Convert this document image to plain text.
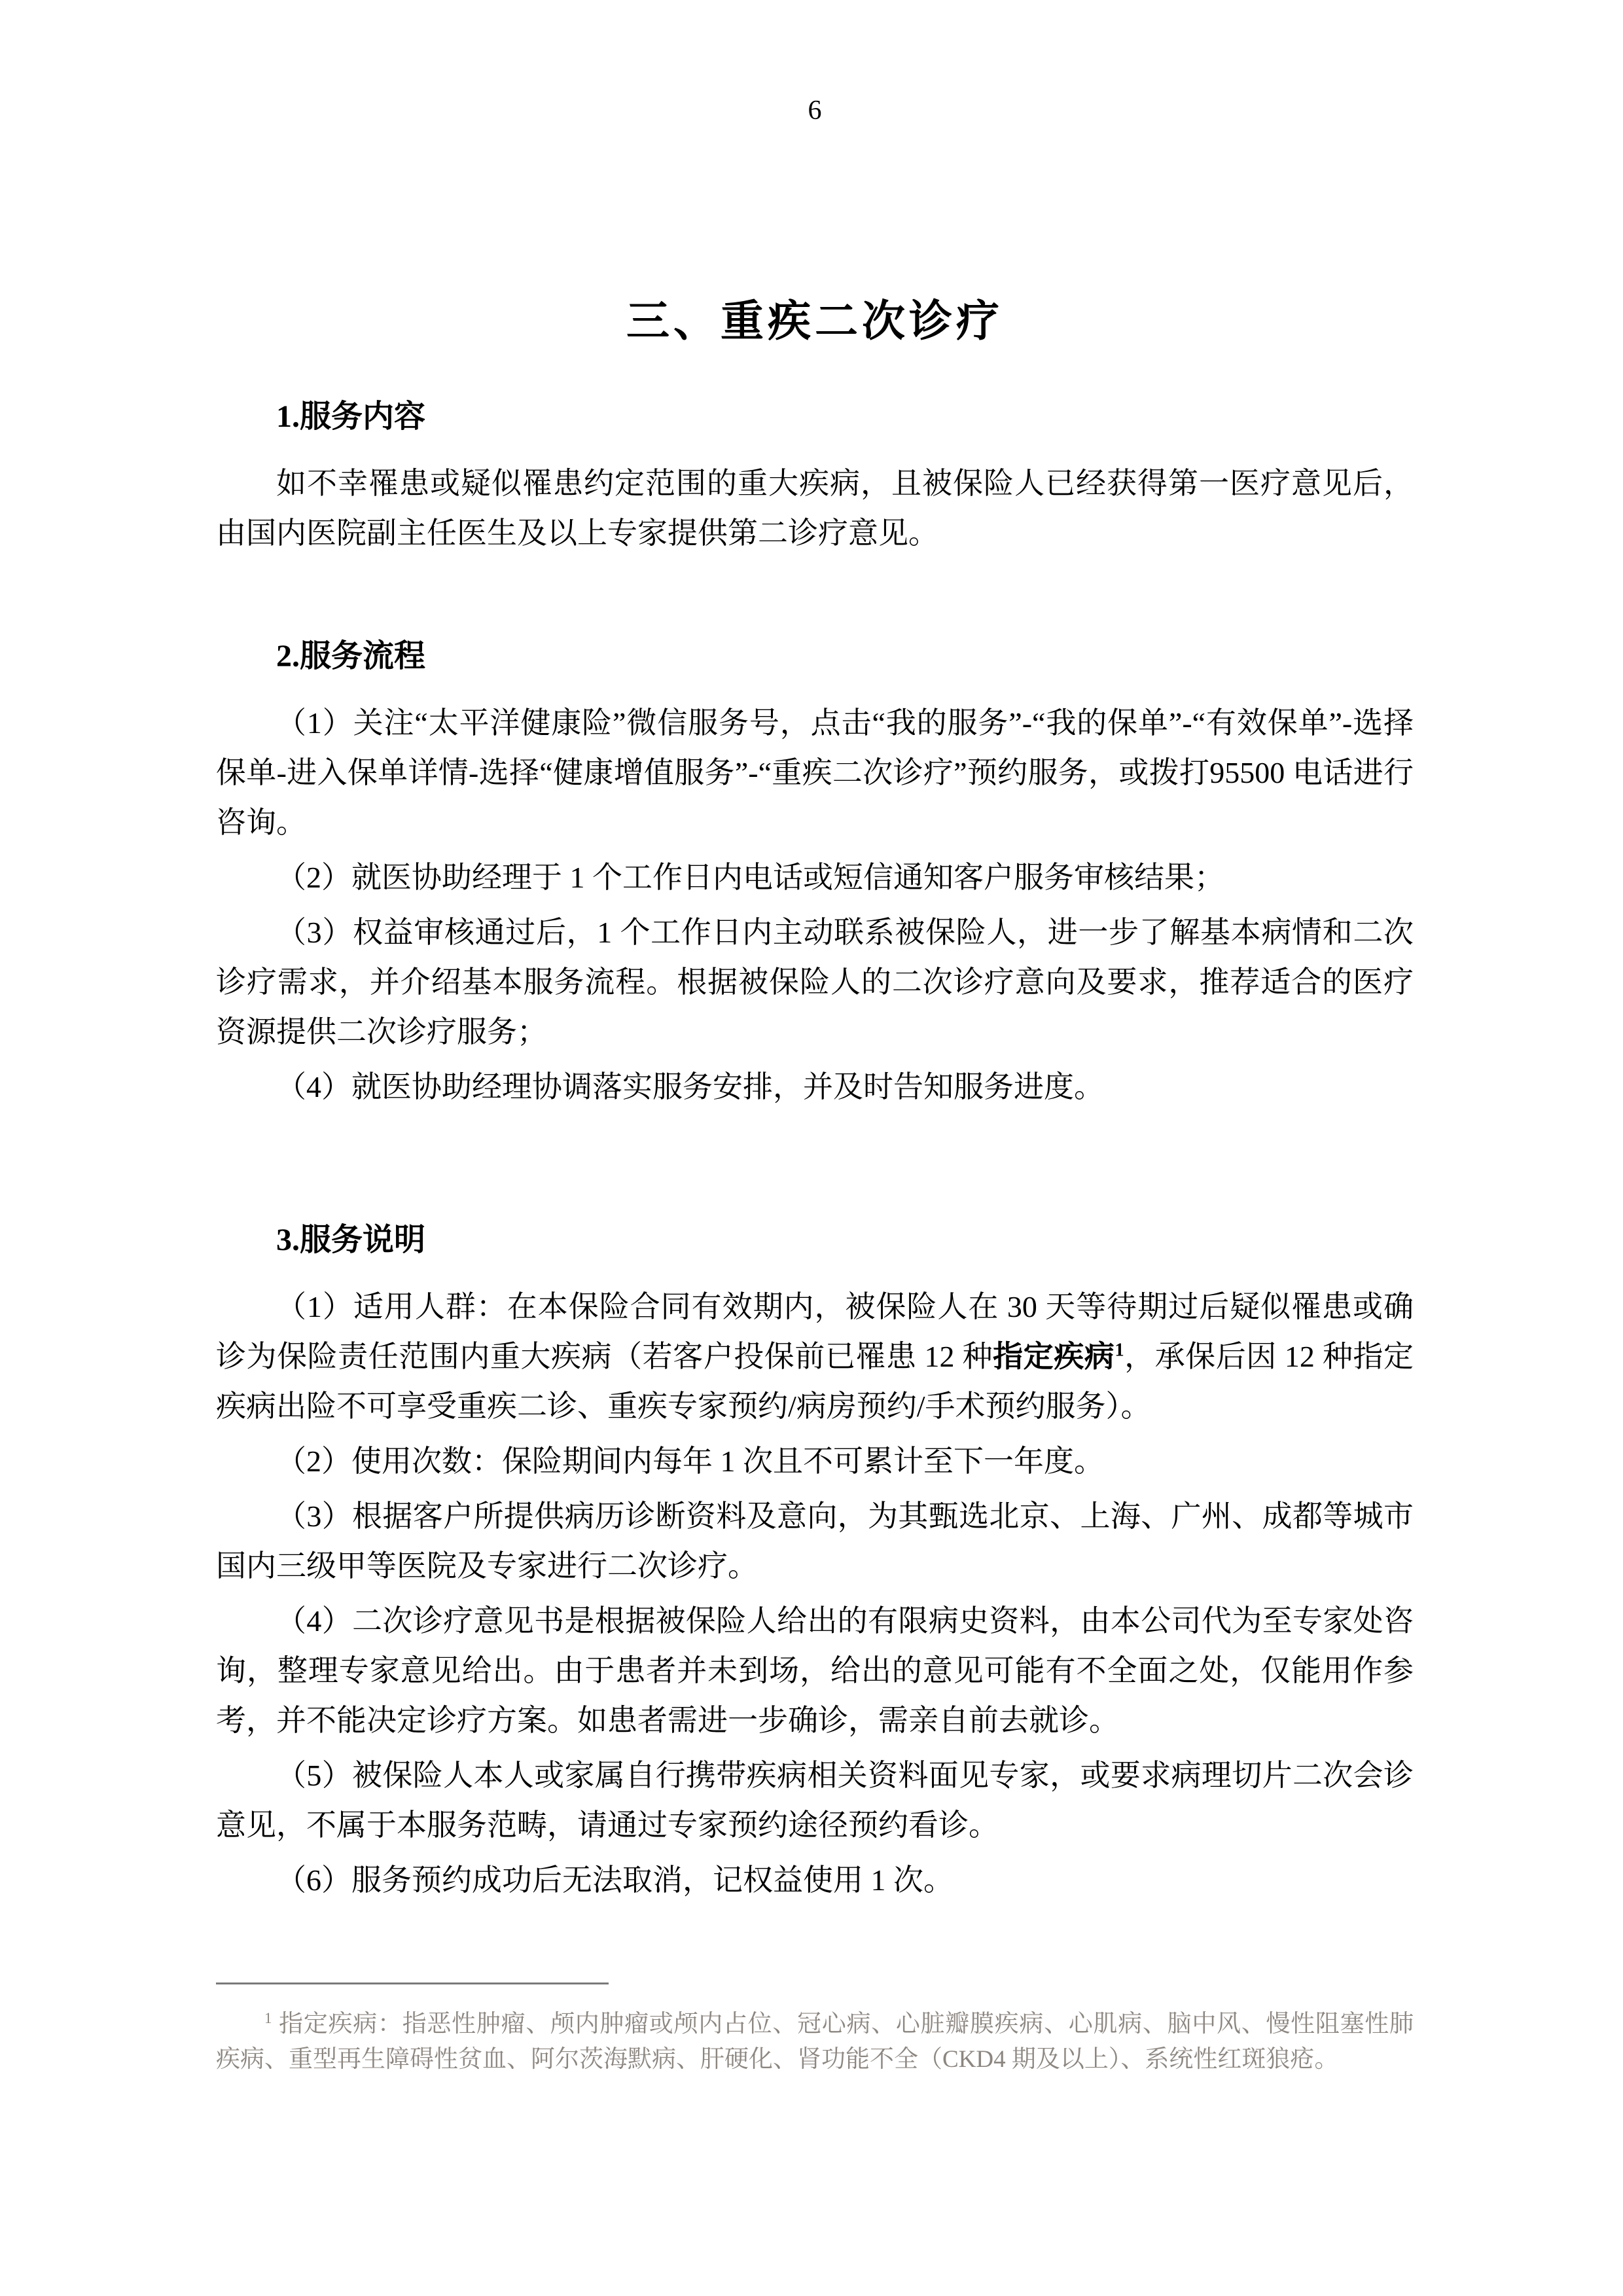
6
三、重疾二次诊疗
1.服务内容

如不幸罹患或疑似罹患约定范围的重大疾病，且被保险人已经获得第一医疗意见后，由国内医院副主任医生及以上专家提供第二诊疗意见。

2.服务流程

（1）关注“太平洋健康险”微信服务号，点击“我的服务”-“我的保单”-“有效保单”-选择保单-进入保单详情-选择“健康增值服务”-“重疾二次诊疗”预约服务，或拨打95500 电话进行咨询。

（2）就医协助经理于 1 个工作日内电话或短信通知客户服务审核结果；

（3）权益审核通过后，1 个工作日内主动联系被保险人，进一步了解基本病情和二次诊疗需求，并介绍基本服务流程。根据被保险人的二次诊疗意向及要求，推荐适合的医疗资源提供二次诊疗服务；

（4）就医协助经理协调落实服务安排，并及时告知服务进度。

3.服务说明

（1）适用人群：在本保险合同有效期内，被保险人在 30 天等待期过后疑似罹患或确诊为保险责任范围内重大疾病（若客户投保前已罹患 12 种指定疾病$^1$，承保后因 12 种指定疾病出险不可享受重疾二诊、重疾专家预约/病房预约/手术预约服务）。

（2）使用次数：保险期间内每年 1 次且不可累计至下一年度。

（3）根据客户所提供病历诊断资料及意向，为其甄选北京、上海、广州、成都等城市国内三级甲等医院及专家进行二次诊疗。

（4）二次诊疗意见书是根据被保险人给出的有限病史资料，由本公司代为至专家处咨询，整理专家意见给出。由于患者并未到场，给出的意见可能有不全面之处，仅能用作参考，并不能决定诊疗方案。如患者需进一步确诊，需亲自前去就诊。

（5）被保险人本人或家属自行携带疾病相关资料面见专家，或要求病理切片二次会诊意见，不属于本服务范畴，请通过专家预约途径预约看诊。

（6）服务预约成功后无法取消，记权益使用 1 次。

$^1$ 指定疾病：指恶性肿瘤、颅内肿瘤或颅内占位、冠心病、心脏瓣膜疾病、心肌病、脑中风、慢性阻塞性肺疾病、重型再生障碍性贫血、阿尔茨海默病、肝硬化、肾功能不全（CKD4 期及以上）、系统性红斑狼疮。
